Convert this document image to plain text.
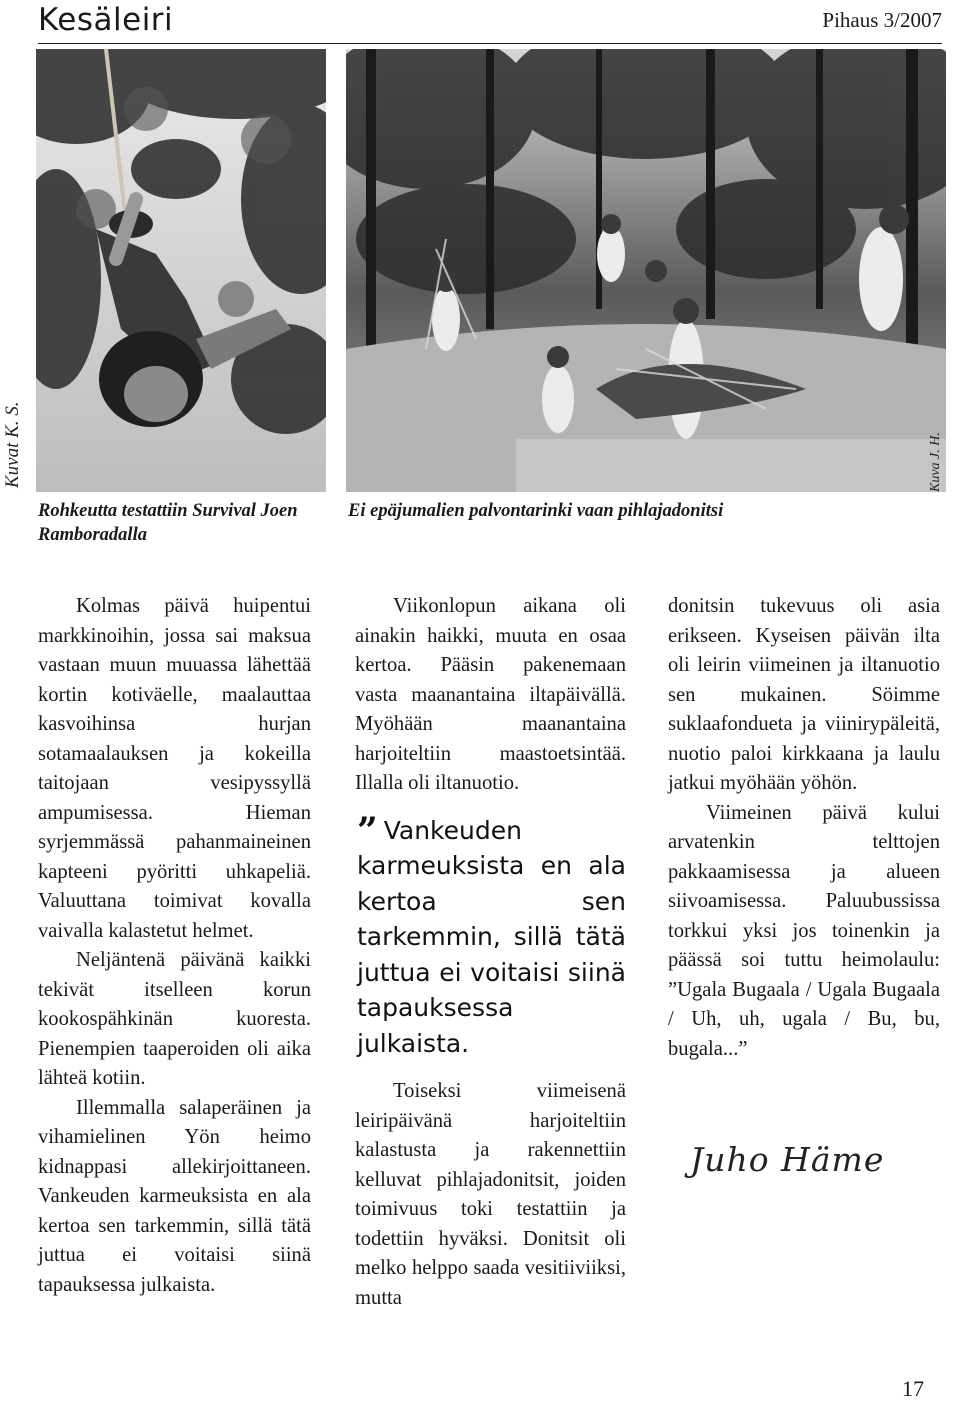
Kesäleiri	Pihaus 3/2007
Kuvat K. S.	Kuva J. H.
Rohkeutta testattiin Survival Joen Ramboradalla
Ei epäjumalien palvontarinki vaan pihlajadonitsi

Kolmas päivä huipentui markkinoihin, jossa sai maksua vastaan muun muuassa lähettää kortin kotiväelle, maalauttaa kasvoihinsa hurjan sotamaalauksen ja kokeilla taitojaan vesipyssyllä ampumisessa. Hieman syrjemmässä pahanmaineinen kapteeni pyöritti uhkapeliä. Valuuttana toimivat kovalla vaivalla kalastetut helmet.

Neljäntenä päivänä kaikki tekivät itselleen korun kookospähkinän kuoresta. Pienempien taaperoiden oli aika lähteä kotiin.

Illemmalla salaperäinen ja vihamielinen Yön heimo kidnappasi allekirjoittaneen. Vankeuden karmeuksista en ala kertoa sen tarkemmin, sillä tätä juttua ei voitaisi siinä tapauksessa julkaista.

Viikonlopun aikana oli ainakin haikki, muuta en osaa kertoa. Pääsin pakenemaan vasta maanantaina iltapäivällä. Myöhään maanantaina harjoiteltiin maastoetsintää. Illalla oli iltanuotio.

” Vankeuden karmeuksista en ala kertoa sen tarkemmin, sillä tätä juttua ei voitaisi siinä tapauksessa julkaista.

Toiseksi viimeisenä leiripäivänä harjoiteltiin kalastusta ja rakennettiin kelluvat pihlajadonitsit, joiden toimivuus toki testattiin ja todettiin hyväksi. Donitsit oli melko helppo saada vesitiiviiksi, mutta

donitsin tukevuus oli asia erikseen. Kyseisen päivän ilta oli leirin viimeinen ja iltanuotio sen mukainen. Söimme suklaafondueta ja viinirypäleitä, nuotio paloi kirkkaana ja laulu jatkui myöhään yöhön.

Viimeinen päivä kului arvatenkin telttojen pakkaamisessa ja alueen siivoamisessa. Paluubussissa torkkui yksi jos toinenkin ja päässä soi tuttu heimolaulu: ”Ugala Bugaala / Ugala Bugaala / Uh, uh, ugala / Bu, bu, bugala...”

Juho Häme
17
